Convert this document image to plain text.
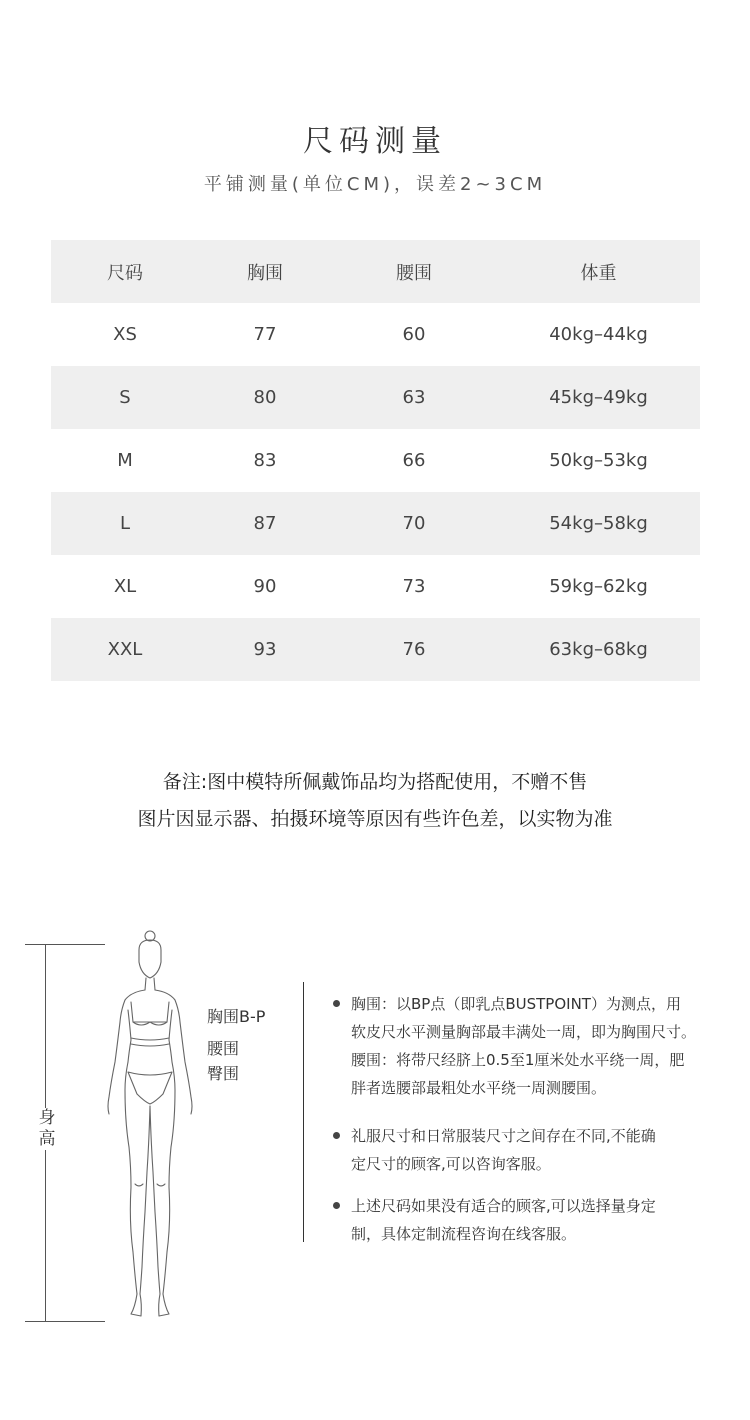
尺码测量
平铺测量(单位CM)，误差2~3CM
尺码	胸围	腰围	体重
XS	77	60	40kg–44kg
S	80	63	45kg–49kg
M	83	66	50kg–53kg
L	87	70	54kg–58kg
XL	90	73	59kg–62kg
XXL	93	76	63kg–68kg
备注:图中模特所佩戴饰品均为搭配使用，不赠不售
图片因显示器、拍摄环境等原因有些许色差，以实物为准
身高
胸围B-P
腰围
臀围

胸围：以BP点（即乳点BUSTPOINT）为测点，用

软皮尺水平测量胸部最丰满处一周，即为胸围尺寸。

腰围：将带尺经脐上0.5至1厘米处水平绕一周，肥

胖者选腰部最粗处水平绕一周测腰围。

礼服尺寸和日常服装尺寸之间存在不同,不能确

定尺寸的顾客,可以咨询客服。

上述尺码如果没有适合的顾客,可以选择量身定

制，具体定制流程咨询在线客服。
